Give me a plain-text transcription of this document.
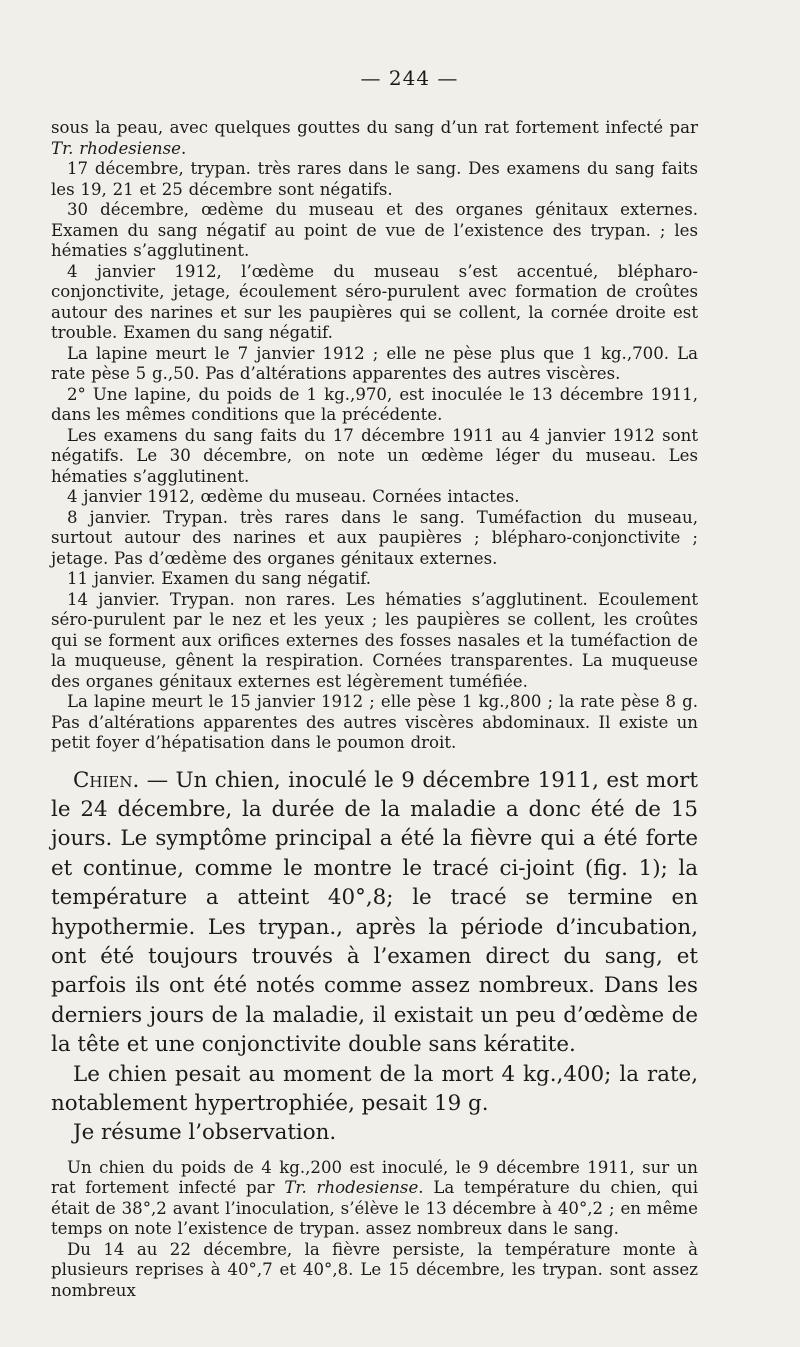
— 244 —

sous la peau, avec quelques gouttes du sang d’un rat fortement infecté par Tr. rhodesiense.

17 décembre, trypan. très rares dans le sang. Des examens du sang faits les 19, 21 et 25 décembre sont négatifs.

30 décembre, œdème du museau et des organes génitaux externes. Examen du sang négatif au point de vue de l’existence des trypan. ; les hématies s’agglutinent.

4 janvier 1912, l’œdème du museau s’est accentué, blépharo-conjonctivite, jetage, écoulement séro-purulent avec formation de croûtes autour des narines et sur les paupières qui se collent, la cornée droite est trouble. Examen du sang négatif.

La lapine meurt le 7 janvier 1912 ; elle ne pèse plus que 1 kg.,700. La rate pèse 5 g.,50. Pas d’altérations apparentes des autres viscères.

2° Une lapine, du poids de 1 kg.,970, est inoculée le 13 décembre 1911, dans les mêmes conditions que la précédente.

Les examens du sang faits du 17 décembre 1911 au 4 janvier 1912 sont négatifs. Le 30 décembre, on note un œdème léger du museau. Les hématies s’agglutinent.

4 janvier 1912, œdème du museau. Cornées intactes.

8 janvier. Trypan. très rares dans le sang. Tuméfaction du museau, surtout autour des narines et aux paupières ; blépharo-conjonctivite ; jetage. Pas d’œdème des organes génitaux externes.

11 janvier. Examen du sang négatif.

14 janvier. Trypan. non rares. Les hématies s’agglutinent. Ecoulement séro-purulent par le nez et les yeux ; les paupières se collent, les croûtes qui se forment aux orifices externes des fosses nasales et la tuméfaction de la muqueuse, gênent la respiration. Cornées transparentes. La muqueuse des organes génitaux externes est légèrement tuméfiée.

La lapine meurt le 15 janvier 1912 ; elle pèse 1 kg.,800 ; la rate pèse 8 g. Pas d’altérations apparentes des autres viscères abdominaux. Il existe un petit foyer d’hépatisation dans le poumon droit.

Chien. — Un chien, inoculé le 9 décembre 1911, est mort le 24 décembre, la durée de la maladie a donc été de 15 jours. Le symptôme principal a été la fièvre qui a été forte et continue, comme le montre le tracé ci-joint (fig. 1); la température a atteint 40°,8; le tracé se termine en hypothermie. Les trypan., après la période d’incubation, ont été toujours trouvés à l’examen direct du sang, et parfois ils ont été notés comme assez nombreux. Dans les derniers jours de la maladie, il existait un peu d’œdème de la tête et une conjonctivite double sans kératite.

Le chien pesait au moment de la mort 4 kg.,400; la rate, notablement hypertrophiée, pesait 19 g.

Je résume l’observation.

Un chien du poids de 4 kg.,200 est inoculé, le 9 décembre 1911, sur un rat fortement infecté par Tr. rhodesiense. La température du chien, qui était de 38°,2 avant l’inoculation, s’élève le 13 décembre à 40°,2 ; en même temps on note l’existence de trypan. assez nombreux dans le sang.

Du 14 au 22 décembre, la fièvre persiste, la température monte à plusieurs reprises à 40°,7 et 40°,8. Le 15 décembre, les trypan. sont assez nombreux
